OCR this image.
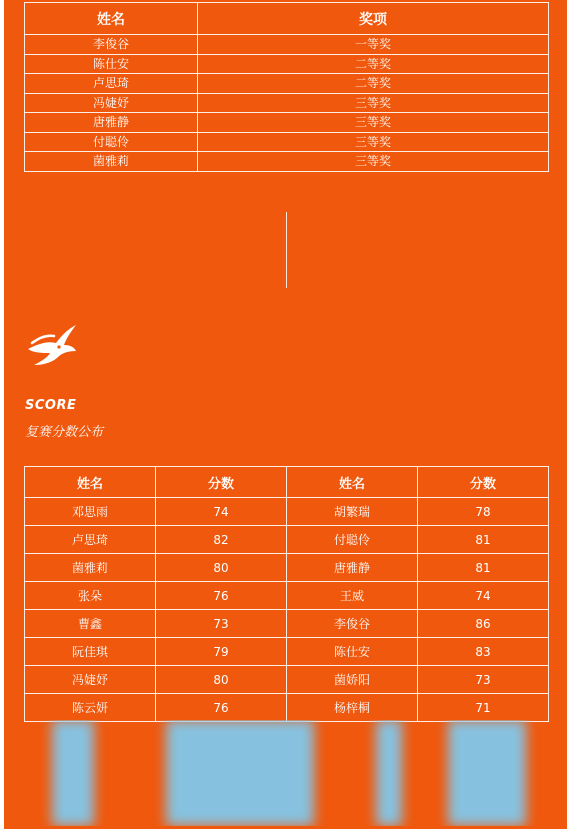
姓名	奖项
李俊谷	一等奖
陈仕安	二等奖
卢思琦	二等奖
冯婕妤	三等奖
唐雅静	三等奖
付聪伶	三等奖
菌雅莉	三等奖
SCORE
复赛分数公布
姓名	分数	姓名	分数
邓思雨	74	胡繁瑞	78
卢思琦	82	付聪伶	81
菌雅莉	80	唐雅静	81
张朵	76	王威	74
曹鑫	73	李俊谷	86
阮佳琪	79	陈仕安	83
冯婕妤	80	菌娇阳	73
陈云妍	76	杨梓桐	71
